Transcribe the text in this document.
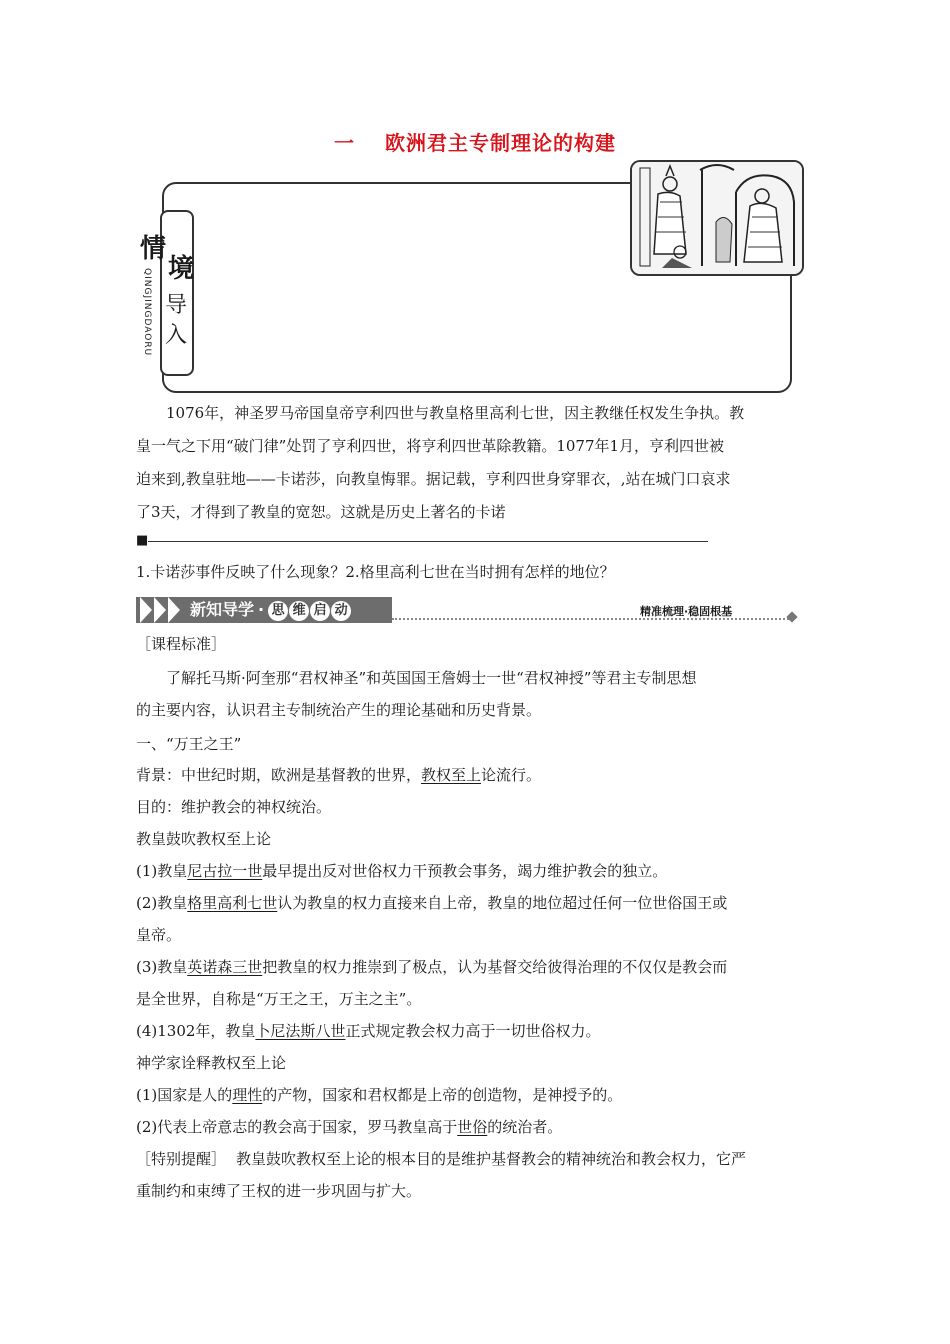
一 欧洲君主专制理论的构建
情
境
导
入
QINGJINGDAORU
1076年，神圣罗马帝国皇帝亨利四世与教皇格里高利七世，因主教继任权发生争执。教
皇一气之下用“破门律”处罚了亨利四世，将亨利四世革除教籍。1077年1月，亨利四世被
迫来到,教皇驻地——卡诺莎，向教皇悔罪。据记载，亨利四世身穿罪衣，,站在城门口哀求
了3天，才得到了教皇的宽恕。这就是历史上著名的卡诺
■
1.卡诺莎事件反映了什么现象？2.格里高利七世在当时拥有怎样的地位？
新知导学 · 思 维 启 动	精准梳理·稳固根基
［课程标准］
了解托马斯·阿奎那“君权神圣”和英国国王詹姆士一世“君权神授”等君主专制思想
的主要内容，认识君主专制统治产生的理论基础和历史背景。
一、“万王之王”
背景：中世纪时期，欧洲是基督教的世界，教权至上论流行。
目的：维护教会的神权统治。
教皇鼓吹教权至上论
(1)教皇尼古拉一世最早提出反对世俗权力干预教会事务，竭力维护教会的独立。
(2)教皇格里高利七世认为教皇的权力直接来自上帝，教皇的地位超过任何一位世俗国王或
皇帝。
(3)教皇英诺森三世把教皇的权力推崇到了极点，认为基督交给彼得治理的不仅仅是教会而
是全世界，自称是“万王之王，万主之主”。
(4)1302年，教皇卜尼法斯八世正式规定教会权力高于一切世俗权力。
神学家诠释教权至上论
(1)国家是人的理性的产物，国家和君权都是上帝的创造物，是神授予的。
(2)代表上帝意志的教会高于国家，罗马教皇高于世俗的统治者。
［特别提醒］ 教皇鼓吹教权至上论的根本目的是维护基督教会的精神统治和教会权力，它严
重制约和束缚了王权的进一步巩固与扩大。
